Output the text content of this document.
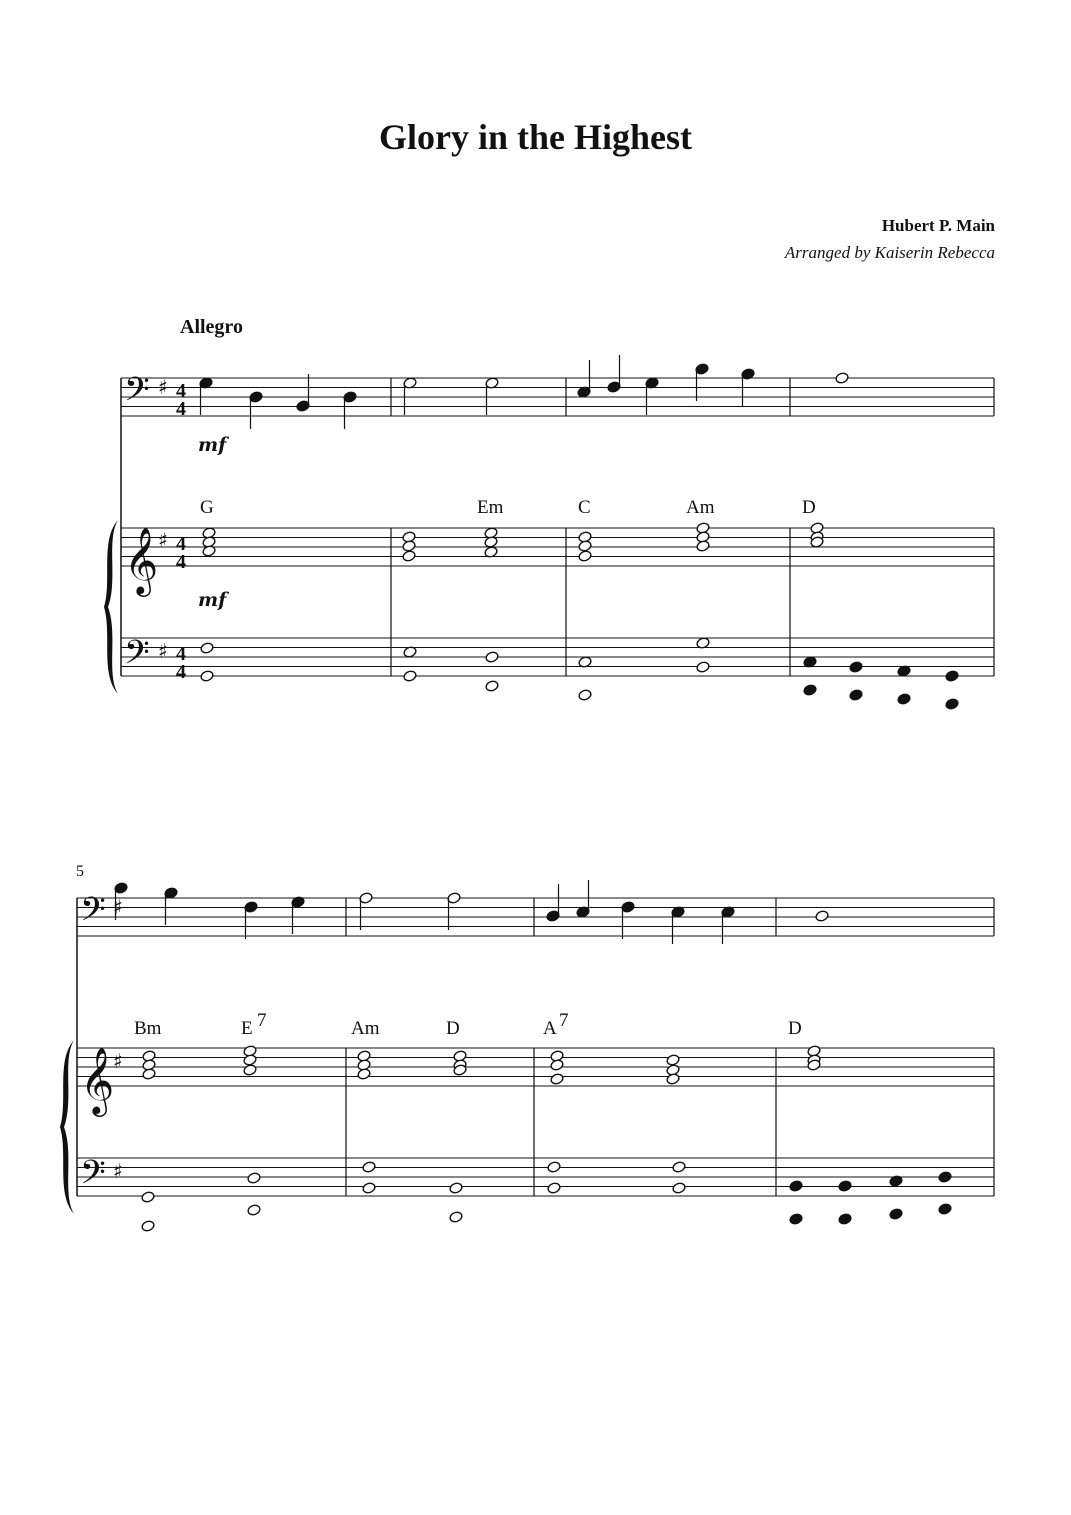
Glory in the Highest
Hubert P. Main
Arranged by Kaiserin Rebecca
Allegro
𝄢
𝄞
𝄢
𝄢
𝄞
𝄢
♯
♯
♯
♯
♯
♯
4
4
4
4
4
4
mf
mf
5
G	Em	C	Am	D
Bm	E 7	Am	D	A 7	D
